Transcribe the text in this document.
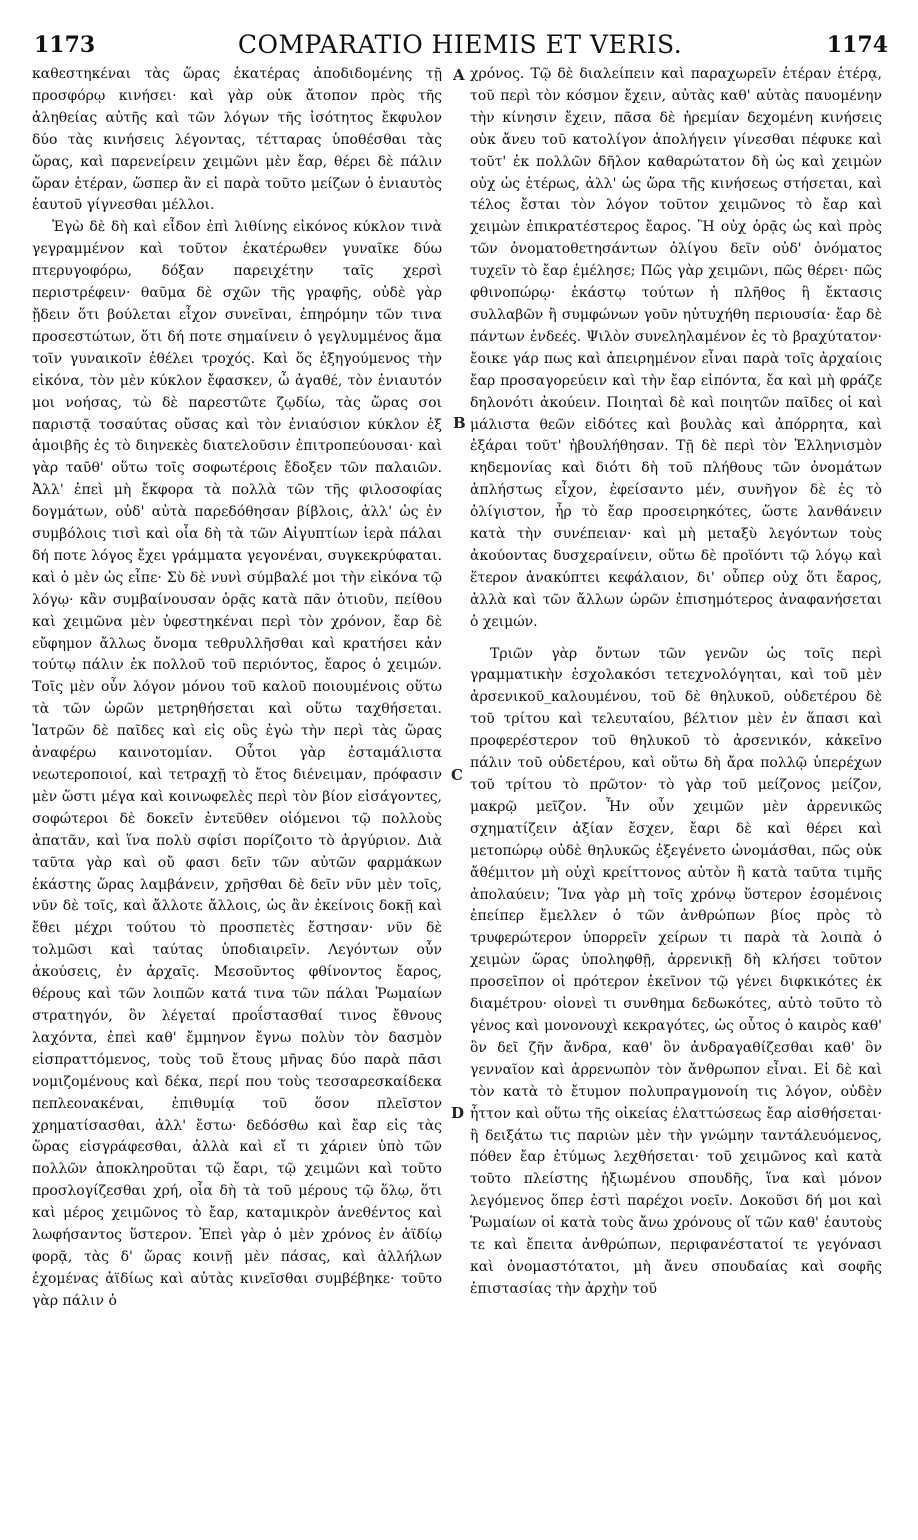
1173	COMPARATIO HIEMIS ET VERIS.	1174

καθεστηκέναι τὰς ὥρας ἑκατέρας ἀποδιδομένης τῇ προσφόρῳ κινήσει· καὶ γὰρ οὐκ ἄτοπον πρὸς τῆς ἀληθείας αὐτῆς καὶ τῶν λόγων τῆς ἰσότητος ἔκφυλον δύο τὰς κινήσεις λέγοντας, τέτταρας ὑποθέσθαι τὰς ὥρας, καὶ παρενείρειν χειμῶνι μὲν ἔαρ, θέρει δὲ πάλιν ὥραν ἑτέραν, ὥσπερ ἂν εἰ παρὰ τοῦτο μείζων ὁ ἐνιαυτὸς ἑαυτοῦ γίγνεσθαι μέλλοι.

Ἐγὼ δὲ δὴ καὶ εἶδον ἐπὶ λιθίνης εἰκόνος κύκλον τινὰ γεγραμμένον καὶ τοῦτον ἑκατέρωθεν γυναῖκε δύω πτερυγοφόρω, δόξαν παρειχέτην ταῖς χερσὶ περιστρέφειν· θαῦμα δὲ σχῶν τῆς γραφῆς, οὐδὲ γὰρ ᾔδειν ὅτι βούλεται εἶχον συνεῖναι, ἐπηρόμην τῶν τινα προσεστώτων, ὅτι δή ποτε σημαίνειν ὁ γεγλυμμένος ἅμα τοῖν γυναικοῖν ἐθέλει τροχός. Καὶ ὅς ἐξηγούμενος τὴν εἰκόνα, τὸν μὲν κύκλον ἔφασκεν, ὦ ἀγαθέ, τὸν ἐνιαυτόν μοι νοήσας, τὼ δὲ παρεστῶτε ζῳδίω, τὰς ὥρας σοι παριστᾷ τοσαύτας οὔσας καὶ τὸν ἐνιαύσιον κύκλον ἐξ ἀμοιβῆς ἐς τὸ διηνεκὲς διατελοῦσιν ἐπιτροπεύουσαι· καὶ γὰρ ταῦθ' οὕτω τοῖς σοφωτέροις ἔδοξεν τῶν παλαιῶν. Ἀλλ' ἐπεὶ μὴ ἔκφορα τὰ πολλὰ τῶν τῆς φιλοσοφίας δογμάτων, οὐδ' αὐτὰ παρεδόθησαν βίβλοις, ἀλλ' ὡς ἐν συμβόλοις τισὶ καὶ οἷα δὴ τὰ τῶν Αἰγυπτίων ἱερὰ πάλαι δή ποτε λόγος ἔχει γράμματα γεγονέναι, συγκεκρύφαται. καὶ ὁ μὲν ὡς εἶπε· Σὺ δὲ νυνὶ σύμβαλέ μοι τὴν εἰκόνα τῷ λόγῳ· κἂν συμβαίνουσαν ὁρᾷς κατὰ πᾶν ὁτιοῦν, πείθου καὶ χειμῶνα μὲν ὑφεστηκέναι περὶ τὸν χρόνον, ἔαρ δὲ εὔφημον ἄλλως ὄνομα τεθρυλλῆσθαι καὶ κρατήσει κἀν τούτῳ πάλιν ἐκ πολλοῦ τοῦ περιόντος, ἔαρος ὁ χειμών. Τοῖς μὲν οὖν λόγον μόνου τοῦ καλοῦ ποιουμένοις οὕτω τὰ τῶν ὡρῶν μετρηθήσεται καὶ οὕτω ταχθήσεται. Ἰατρῶν δὲ παῖδες καὶ εἰς οὓς ἐγὼ τὴν περὶ τὰς ὥρας ἀναφέρω καινοτομίαν. Οὗτοι γὰρ ἐσταμάλιστα νεωτεροποιοί, καὶ τετραχῇ τὸ ἔτος διένειμαν, πρόφασιν μὲν ὥστι μέγα καὶ κοινωφελὲς περὶ τὸν βίον εἰσάγοντες, σοφώτεροι δὲ δοκεῖν ἐντεῦθεν οἰόμενοι τῷ πολλοὺς ἀπατᾶν, καὶ ἵνα πολὺ σφίσι πορίζοιτο τὸ ἀργύριον. Διὰ ταῦτα γὰρ καὶ οὔ φασι δεῖν τῶν αὐτῶν φαρμάκων ἑκάστης ὥρας λαμβάνειν, χρῆσθαι δὲ δεῖν νῦν μὲν τοῖς, νῦν δὲ τοῖς, καὶ ἄλλοτε ἄλλοις, ὡς ἂν ἐκείνοις δοκῇ καὶ ἔθει μέχρι τούτου τὸ προσπετὲς ἔστησαν· νῦν δὲ τολμῶσι καὶ ταύτας ὑποδιαιρεῖν. Λεγόντων οὖν ἀκούσεις, ἐν ἀρχαῖς. Μεσοῦντος φθίνοντος ἔαρος, θέρους καὶ τῶν λοιπῶν κατά τινα τῶν πάλαι Ῥωμαίων στρατηγόν, ὃν λέγεταί προΐστασθαί τινος ἔθνους λαχόντα, ἐπεὶ καθ' ἔμμηνον ἔγνω πολὺν τὸν δασμὸν εἰσπραττόμενος, τοὺς τοῦ ἔτους μῆνας δύο παρὰ πᾶσι νομιζομένους καὶ δέκα, περί που τοὺς τεσσαρεσκαίδεκα πεπλεονακέναι, ἐπιθυμίᾳ τοῦ ὅσον πλεῖστον χρηματίσασθαι, ἀλλ' ἔστω· δεδόσθω καὶ ἔαρ εἰς τὰς ὥρας εἰσγράφεσθαι, ἀλλὰ καὶ εἴ τι χάριεν ὑπὸ τῶν πολλῶν ἀποκληροῦται τῷ ἔαρι, τῷ χειμῶνι καὶ τοῦτο προσλογίζεσθαι χρή, οἷα δὴ τὰ τοῦ μέρους τῷ ὅλῳ, ὅτι καὶ μέρος χειμῶνος τὸ ἔαρ, καταμικρὸν ἀνεθέντος καὶ λωφήσαντος ὕστερον. Ἐπεὶ γὰρ ὁ μὲν χρόνος ἐν ἀϊδίῳ φορᾷ, τὰς δ' ὥρας κοινῇ μὲν πάσας, καὶ ἀλλήλων ἐχομένας ἀϊδίως καὶ αὐτὰς κινεῖσθαι συμβέβηκε· τοῦτο γὰρ πάλιν ὁ

χρόνος. Τῷ δὲ διαλείπειν καὶ παραχωρεῖν ἑτέραν ἑτέρᾳ, τοῦ περὶ τὸν κόσμον ἔχειν, αὐτὰς καθ' αὑτὰς παυομένην τὴν κίνησιν ἔχειν, πᾶσα δὲ ἠρεμίαν δεχομένη κινήσεις οὐκ ἄνευ τοῦ κατολίγον ἀπολήγειν γίνεσθαι πέφυκε καὶ τοῦτ' ἐκ πολλῶν δῆλον καθαρώτατον δὴ ὡς καὶ χειμὼν οὐχ ὡς ἑτέρως, ἀλλ' ὡς ὥρα τῆς κινήσεως στήσεται, καὶ τέλος ἔσται τὸν λόγον τοῦτον χειμῶνος τὸ ἔαρ καὶ χειμὼν ἐπικρατέστερος ἔαρος. Ἢ οὐχ ὁρᾷς ὡς καὶ πρὸς τῶν ὀνοματοθετησάντων ὀλίγου δεῖν οὐδ' ὀνόματος τυχεῖν τὸ ἔαρ ἐμέλησε; Πῶς γὰρ χειμῶνι, πῶς θέρει· πῶς φθινοπώρῳ· ἑκάστῳ τούτων ἡ πλῆθος ἢ ἔκτασις συλλαβῶν ἢ συμφώνων γοῦν ηὐτυχήθη περιουσία· ἔαρ δὲ πάντων ἐνδεές. Ψιλὸν συνεληλαμένον ἐς τὸ βραχύτατον· ἔοικε γάρ πως καὶ ἀπειρημένον εἶναι παρὰ τοῖς ἀρχαίοις ἔαρ προσαγορεύειν καὶ τὴν ἔαρ εἰπόντα, ἔα καὶ μὴ φράζε δηλονότι ἀκούειν. Ποιηταὶ δὲ καὶ ποιητῶν παῖδες οἱ καὶ μάλιστα θεῶν εἰδότες καὶ βουλὰς καὶ ἀπόρρητα, καὶ ἐξάραι τοῦτ' ἠβουλήθησαν. Τῇ δὲ περὶ τὸν Ἑλληνισμὸν κηδεμονίας καὶ διότι δὴ τοῦ πλήθους τῶν ὀνομάτων ἀπλήστως εἶχον, ἐφείσαντο μέν, συνῆγον δὲ ἐς τὸ ὀλίγιστον, ἦρ τὸ ἔαρ προσειρηκότες, ὥστε λανθάνειν κατὰ τὴν συνέπειαν· καὶ μὴ μεταξὺ λεγόντων τοὺς ἀκούοντας δυσχεραίνειν, οὕτω δὲ προϊόντι τῷ λόγῳ καὶ ἕτερον ἀνακύπτει κεφάλαιον, δι' οὗπερ οὐχ ὅτι ἔαρος, ἀλλὰ καὶ τῶν ἄλλων ὡρῶν ἐπισημότερος ἀναφανήσεται ὁ χειμών.

Τριῶν γὰρ ὄντων τῶν γενῶν ὡς τοῖς περὶ γραμματικὴν ἐσχολακόσι τετεχνολόγηται, καὶ τοῦ μὲν ἀρσενικοῦ_καλουμένου, τοῦ δὲ θηλυκοῦ, οὐδετέρου δὲ τοῦ τρίτου καὶ τελευταίου, βέλτιον μὲν ἐν ἅπασι καὶ προφερέστερον τοῦ θηλυκοῦ τὸ ἀρσενικόν, κἀκεῖνο πάλιν τοῦ οὐδετέρου, καὶ οὕτω δὴ ἄρα πολλῷ ὑπερέχων τοῦ τρίτου τὸ πρῶτον· τὸ γὰρ τοῦ μείζονος μείζον, μακρῷ μεῖζον. Ἦν οὖν χειμῶν μὲν ἀρρενικῶς σχηματίζειν ἀξίαν ἔσχεν, ἔαρι δὲ καὶ θέρει καὶ μετοπώρῳ οὐδὲ θηλυκῶς ἐξεγένετο ὠνομάσθαι, πῶς οὐκ ἄθέμιτον μὴ οὐχὶ κρείττονος αὐτὸν ἢ κατὰ ταῦτα τιμῆς ἀπολαύειν; Ἵνα γὰρ μὴ τοῖς χρόνῳ ὕστερον ἐσομένοις ἐπείπερ ἔμελλεν ὁ τῶν ἀνθρώπων βίος πρὸς τὸ τρυφερώτερον ὑπορρεῖν χείρων τι παρὰ τὰ λοιπὰ ὁ χειμὼν ὥρας ὑποληφθῇ, ἀρρενικῇ δὴ κλήσει τοῦτον προσεῖπον οἱ πρότερον ἐκεῖνον τῷ γένει διφκικότες ἐκ διαμέτρου· οἱονεὶ τι συνθημα δεδωκότες, αὐτὸ τοῦτο τὸ γένος καὶ μονονουχὶ κεκραγότες, ὡς οὗτος ὁ καιρὸς καθ' ὃν δεῖ ζῆν ἄνδρα, καθ' ὃν ἀνδραγαθίζεσθαι καθ' ὃν γενναῖον καὶ ἀρρενωπὸν τὸν ἄνθρωπον εἶναι. Εἰ δὲ καὶ τὸν κατὰ τὸ ἔτυμον πολυπραγμονοίη τις λόγον, οὐδὲν ἧττον καὶ οὕτω τῆς οἰκείας ἐλαττώσεως ἔαρ αἰσθήσεται· ἢ δειξάτω τις παριὼν μὲν τὴν γνώμην ταντάλευόμενος, πόθεν ἔαρ ἐτύμως λεχθήσεται· τοῦ χειμῶνος καὶ κατὰ τοῦτο πλείστης ἠξιωμένου σπουδῆς, ἵνα καὶ μόνον λεγόμενος ὅπερ ἐστὶ παρέχοι νοεῖν. Δοκοῦσι δή μοι καὶ Ῥωμαίων οἱ κατὰ τοὺς ἄνω χρόνους οἵ τῶν καθ' ἑαυτοὺς τε καὶ ἔπειτα ἀνθρώπων, περιφανέστατοί τε γεγόνασι καὶ ὀνομαστότατοι, μὴ ἄνευ σπουδαίας καὶ σοφῆς ἐπιστασίας τὴν ἀρχὴν τοῦ

A
B
C
D
